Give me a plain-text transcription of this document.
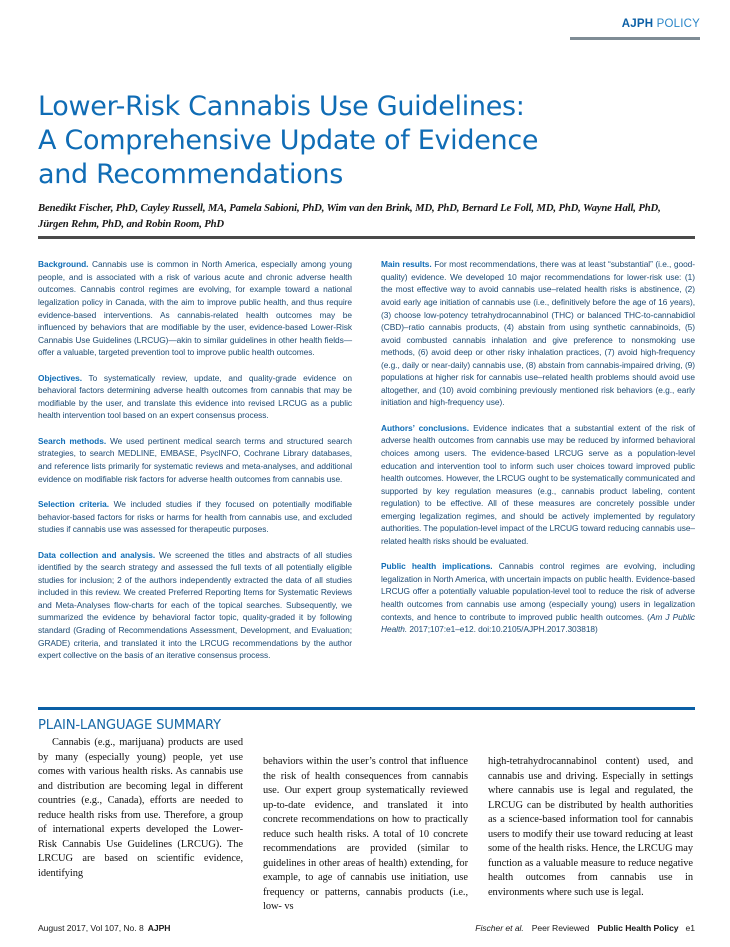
AJPH POLICY
Lower-Risk Cannabis Use Guidelines:
A Comprehensive Update of Evidence
and Recommendations
Benedikt Fischer, PhD, Cayley Russell, MA, Pamela Sabioni, PhD, Wim van den Brink, MD, PhD, Bernard Le Foll, MD, PhD, Wayne Hall, PhD,
Jürgen Rehm, PhD, and Robin Room, PhD

Background. Cannabis use is common in North America, especially among young people, and is associated with a risk of various acute and chronic adverse health outcomes. Cannabis control regimes are evolving, for example toward a national legalization policy in Canada, with the aim to improve public health, and thus require evidence-based interventions. As cannabis-related health outcomes may be influenced by behaviors that are modifiable by the user, evidence-based Lower-Risk Cannabis Use Guidelines (LRCUG)—akin to similar guidelines in other health fields—offer a valuable, targeted prevention tool to improve public health outcomes.

Objectives. To systematically review, update, and quality-grade evidence on behavioral factors determining adverse health outcomes from cannabis that may be modifiable by the user, and translate this evidence into revised LRCUG as a public health intervention tool based on an expert consensus process.

Search methods. We used pertinent medical search terms and structured search strategies, to search MEDLINE, EMBASE, PsycINFO, Cochrane Library databases, and reference lists primarily for systematic reviews and meta-analyses, and additional evidence on modifiable risk factors for adverse health outcomes from cannabis use.

Selection criteria. We included studies if they focused on potentially modifiable behavior-based factors for risks or harms for health from cannabis use, and excluded studies if cannabis use was assessed for therapeutic purposes.

Data collection and analysis. We screened the titles and abstracts of all studies identified by the search strategy and assessed the full texts of all potentially eligible studies for inclusion; 2 of the authors independently extracted the data of all studies included in this review. We created Preferred Reporting Items for Systematic Reviews and Meta-Analyses flow-charts for each of the topical searches. Subsequently, we summarized the evidence by behavioral factor topic, quality-graded it by following standard (Grading of Recommendations Assessment, Development, and Evaluation; GRADE) criteria, and translated it into the LRCUG recommendations by the author expert collective on the basis of an iterative consensus process.

Main results. For most recommendations, there was at least “substantial” (i.e., good-quality) evidence. We developed 10 major recommendations for lower-risk use: (1) the most effective way to avoid cannabis use–related health risks is abstinence, (2) avoid early age initiation of cannabis use (i.e., definitively before the age of 16 years), (3) choose low-potency tetrahydrocannabinol (THC) or balanced THC-to-cannabidiol (CBD)–ratio cannabis products, (4) abstain from using synthetic cannabinoids, (5) avoid combusted cannabis inhalation and give preference to nonsmoking use methods, (6) avoid deep or other risky inhalation practices, (7) avoid high-frequency (e.g., daily or near-daily) cannabis use, (8) abstain from cannabis-impaired driving, (9) populations at higher risk for cannabis use–related health problems should avoid use altogether, and (10) avoid combining previously mentioned risk behaviors (e.g., early initiation and high-frequency use).

Authors’ conclusions. Evidence indicates that a substantial extent of the risk of adverse health outcomes from cannabis use may be reduced by informed behavioral choices among users. The evidence-based LRCUG serve as a population-level education and intervention tool to inform such user choices toward improved public health outcomes. However, the LRCUG ought to be systematically communicated and supported by key regulation measures (e.g., cannabis product labeling, content regulation) to be effective. All of these measures are concretely possible under emerging legalization regimes, and should be actively implemented by regulatory authorities. The population-level impact of the LRCUG toward reducing cannabis use–related health risks should be evaluated.

Public health implications. Cannabis control regimes are evolving, including legalization in North America, with uncertain impacts on public health. Evidence-based LRCUG offer a potentially valuable population-level tool to reduce the risk of adverse health outcomes from cannabis use among (especially young) users in legalization contexts, and hence to contribute to improved public health outcomes. (Am J Public Health. 2017;107:e1–e12. doi:10.2105/AJPH.2017.303818)

PLAIN-LANGUAGE SUMMARY

Cannabis (e.g., marijuana) products are used by many (especially young) people, yet use comes with various health risks. As cannabis use and distribution are becoming legal in different countries (e.g., Canada), efforts are needed to reduce health risks from use. Therefore, a group of international experts developed the Lower-Risk Cannabis Use Guidelines (LRCUG). The LRCUG are based on scientific evidence, identifying

behaviors within the user’s control that influence the risk of health consequences from cannabis use. Our expert group systematically reviewed up-to-date evidence, and translated it into concrete recommendations on how to practically reduce such health risks. A total of 10 concrete recommendations are provided (similar to guidelines in other areas of health) extending, for example, to age of cannabis use initiation, use frequency or patterns, cannabis products (i.e., low- vs

high-tetrahydrocannabinol content) used, and cannabis use and driving. Especially in settings where cannabis use is legal and regulated, the LRCUG can be distributed by health authorities as a science-based information tool for cannabis users to modify their use toward reducing at least some of the health risks. Hence, the LRCUG may function as a valuable measure to reduce negative health outcomes from cannabis use in environments where such use is legal.

August 2017, Vol 107, No. 8 AJPH	Fischer et al. Peer Reviewed Public Health Policy e1
